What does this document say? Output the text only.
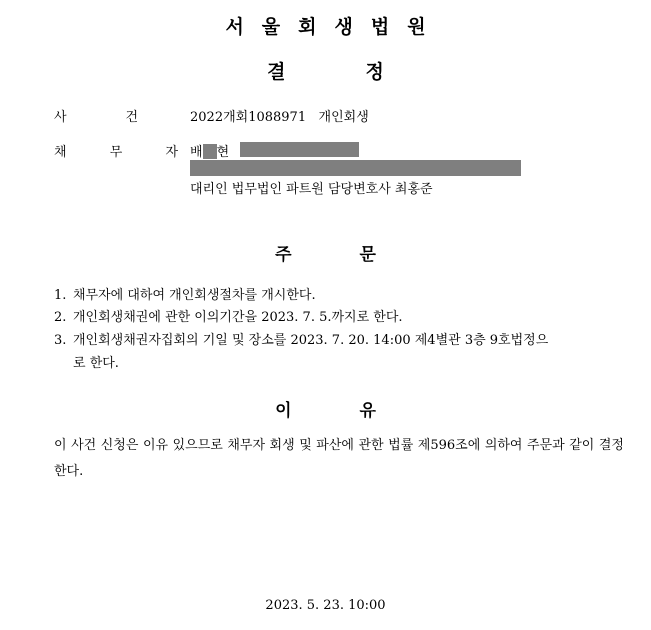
서울회생법원
결	정
사	건	2022개회1088971 개인회생
채	무	자 배 현
대리인 법무법인 파트원 담당변호사 최홍준
주	문
1. 채무자에 대하여 개인회생절차를 개시한다.
2. 개인회생채권에 관한 이의기간을 2023. 7. 5.까지로 한다.
3. 개인회생채권자집회의 기일 및 장소를 2023. 7. 20. 14:00 제4별관 3층 9호법정으
로 한다.
이	유
이 사건 신청은 이유 있으므로 채무자 회생 및 파산에 관한 법률 제596조에 의하여 주문과 같이 결정한다.
2023. 5. 23. 10:00
